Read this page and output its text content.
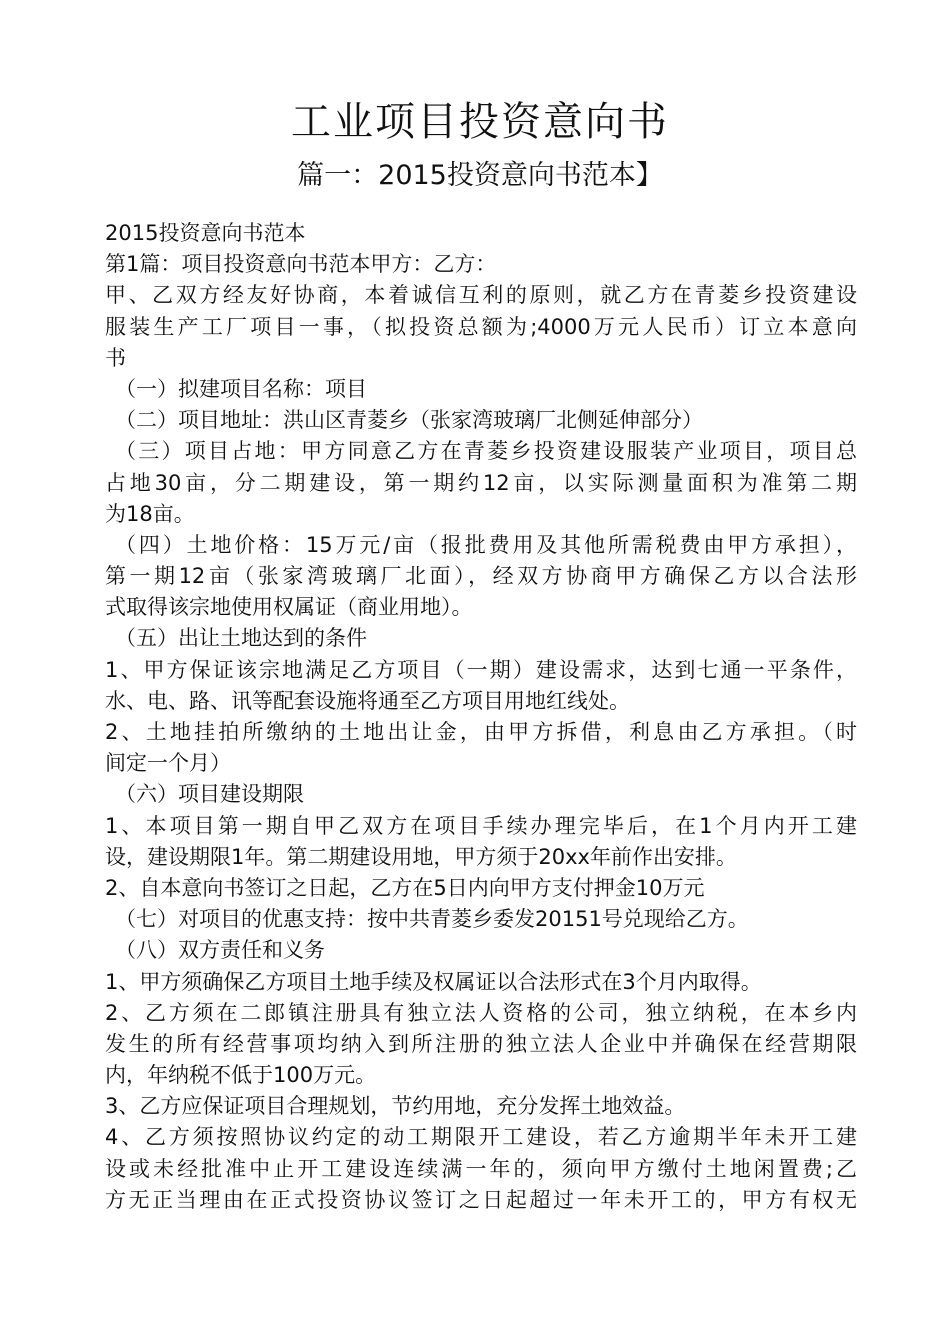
工业项目投资意向书
篇一：2015投资意向书范本】
2015投资意向书范本
第1篇：项目投资意向书范本甲方：乙方：
甲、乙双方经友好协商，本着诚信互利的原则，就乙方在青菱乡投资建设
服装生产工厂项目一事，（拟投资总额为;4000万元人民币）订立本意向
书
（一）拟建项目名称：项目
（二）项目地址：洪山区青菱乡（张家湾玻璃厂北侧延伸部分）
（三）项目占地：甲方同意乙方在青菱乡投资建设服装产业项目，项目总
占地30亩，分二期建设，第一期约12亩，以实际测量面积为准第二期
为18亩。
（四）土地价格：15万元/亩（报批费用及其他所需税费由甲方承担），
第一期12亩（张家湾玻璃厂北面），经双方协商甲方确保乙方以合法形
式取得该宗地使用权属证（商业用地）。
（五）出让土地达到的条件
1、甲方保证该宗地满足乙方项目（一期）建设需求，达到七通一平条件，
水、电、路、讯等配套设施将通至乙方项目用地红线处。
2、土地挂拍所缴纳的土地出让金，由甲方拆借，利息由乙方承担。（时
间定一个月）
（六）项目建设期限
1、本项目第一期自甲乙双方在项目手续办理完毕后，在1个月内开工建
设，建设期限1年。第二期建设用地，甲方须于20xx年前作出安排。
2、自本意向书签订之日起，乙方在5日内向甲方支付押金10万元
（七）对项目的优惠支持：按中共青菱乡委发20151号兑现给乙方。
（八）双方责任和义务
1、甲方须确保乙方项目土地手续及权属证以合法形式在3个月内取得。
2、乙方须在二郎镇注册具有独立法人资格的公司，独立纳税，在本乡内
发生的所有经营事项均纳入到所注册的独立法人企业中并确保在经营期限
内，年纳税不低于100万元。
3、乙方应保证项目合理规划，节约用地，充分发挥土地效益。
4、乙方须按照协议约定的动工期限开工建设，若乙方逾期半年未开工建
设或未经批准中止开工建设连续满一年的，须向甲方缴付土地闲置费;乙
方无正当理由在正式投资协议签订之日起超过一年未开工的，甲方有权无
